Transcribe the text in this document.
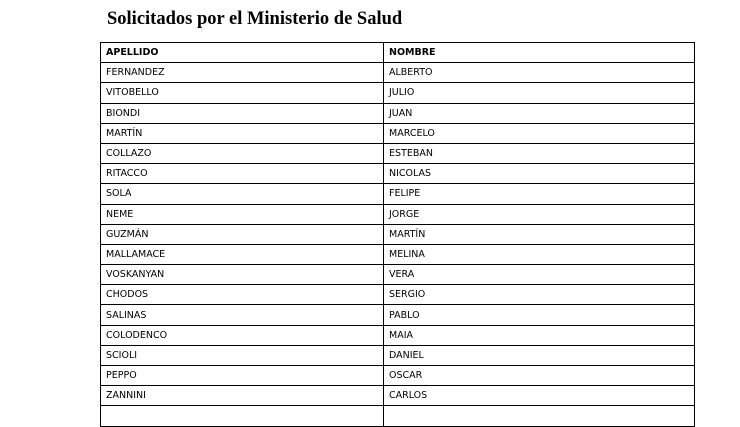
Solicitados por el Ministerio de Salud
APELLIDO	NOMBRE
FERNANDEZ	ALBERTO
VITOBELLO	JULIO
BIONDI	JUAN
MARTÍN	MARCELO
COLLAZO	ESTEBAN
RITACCO	NICOLAS
SOLA	FELIPE
NEME	JORGE
GUZMÁN	MARTÍN
MALLAMACE	MELINA
VOSKANYAN	VERA
CHODOS	SERGIO
SALINAS	PABLO
COLODENCO	MAIA
SCIOLI	DANIEL
PEPPO	OSCAR
ZANNINI	CARLOS
